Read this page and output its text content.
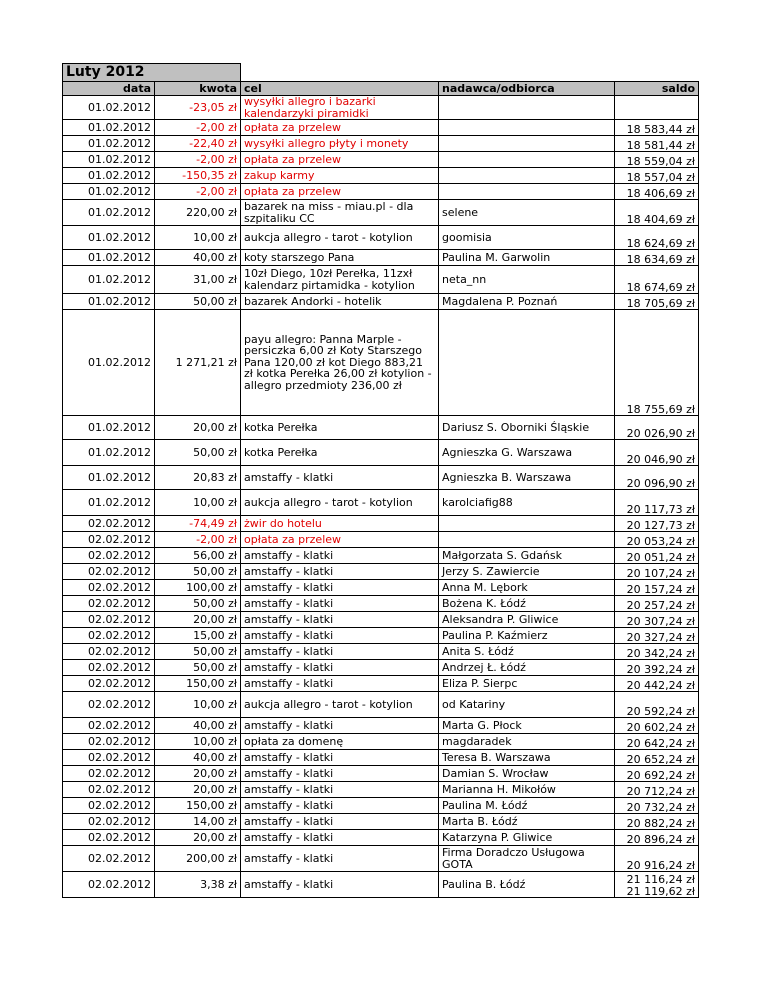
Luty 2012				
data	kwota	cel	nadawca/odbiorca	saldo
01.02.2012	-23,05 zł	wysyłki allegro i bazarki kalendarzyki piramidki		
01.02.2012	-2,00 zł	opłata za przelew		18 583,44 zł
01.02.2012	-22,40 zł	wysyłki allegro płyty i monety		18 581,44 zł
01.02.2012	-2,00 zł	opłata za przelew		18 559,04 zł
01.02.2012	-150,35 zł	zakup karmy		18 557,04 zł
01.02.2012	-2,00 zł	opłata za przelew		18 406,69 zł
01.02.2012	220,00 zł	bazarek na miss - miau.pl - dla szpitaliku CC	selene	18 404,69 zł
01.02.2012	10,00 zł	aukcja allegro - tarot - kotylion	goomisia	18 624,69 zł
01.02.2012	40,00 zł	koty starszego Pana	Paulina M. Garwolin	18 634,69 zł
01.02.2012	31,00 zł	10zł Diego, 10zł Perełka, 11zxł kalendarz pirtamidka - kotylion	neta_nn	18 674,69 zł
01.02.2012	50,00 zł	bazarek Andorki - hotelik	Magdalena P. Poznań	18 705,69 zł
01.02.2012	1 271,21 zł	payu allegro: Panna Marple - persiczka 6,00 zł Koty Starszego Pana 120,00 zł kot Diego 883,21 zł kotka Perełka 26,00 zł kotylion - allegro przedmioty 236,00 zł		18 755,69 zł
01.02.2012	20,00 zł	kotka Perełka	Dariusz S. Oborniki Śląskie	20 026,90 zł
01.02.2012	50,00 zł	kotka Perełka	Agnieszka G. Warszawa	20 046,90 zł
01.02.2012	20,83 zł	amstaffy - klatki	Agnieszka B. Warszawa	20 096,90 zł
01.02.2012	10,00 zł	aukcja allegro - tarot - kotylion	karolciafig88	20 117,73 zł
02.02.2012	-74,49 zł	żwir do hotelu		20 127,73 zł
02.02.2012	-2,00 zł	opłata za przelew		20 053,24 zł
02.02.2012	56,00 zł	amstaffy - klatki	Małgorzata S. Gdańsk	20 051,24 zł
02.02.2012	50,00 zł	amstaffy - klatki	Jerzy S. Zawiercie	20 107,24 zł
02.02.2012	100,00 zł	amstaffy - klatki	Anna M. Lębork	20 157,24 zł
02.02.2012	50,00 zł	amstaffy - klatki	Bożena K. Łódź	20 257,24 zł
02.02.2012	20,00 zł	amstaffy - klatki	Aleksandra P. Gliwice	20 307,24 zł
02.02.2012	15,00 zł	amstaffy - klatki	Paulina P. Kaźmierz	20 327,24 zł
02.02.2012	50,00 zł	amstaffy - klatki	Anita S. Łódź	20 342,24 zł
02.02.2012	50,00 zł	amstaffy - klatki	Andrzej Ł. Łódź	20 392,24 zł
02.02.2012	150,00 zł	amstaffy - klatki	Eliza P. Sierpc	20 442,24 zł
02.02.2012	10,00 zł	aukcja allegro - tarot - kotylion	od Katariny	20 592,24 zł
02.02.2012	40,00 zł	amstaffy - klatki	Marta G. Płock	20 602,24 zł
02.02.2012	10,00 zł	opłata za domenę	magdaradek	20 642,24 zł
02.02.2012	40,00 zł	amstaffy - klatki	Teresa B. Warszawa	20 652,24 zł
02.02.2012	20,00 zł	amstaffy - klatki	Damian S. Wrocław	20 692,24 zł
02.02.2012	20,00 zł	amstaffy - klatki	Marianna H. Mikołów	20 712,24 zł
02.02.2012	150,00 zł	amstaffy - klatki	Paulina M. Łódź	20 732,24 zł
02.02.2012	14,00 zł	amstaffy - klatki	Marta B. Łódź	20 882,24 zł
02.02.2012	20,00 zł	amstaffy - klatki	Katarzyna P. Gliwice	20 896,24 zł
02.02.2012	200,00 zł	amstaffy - klatki	Firma Doradczo Usługowa GOTA	20 916,24 zł
02.02.2012	3,38 zł	amstaffy - klatki	Paulina B. Łódź	21 116,24 zł
21 119,62 zł
